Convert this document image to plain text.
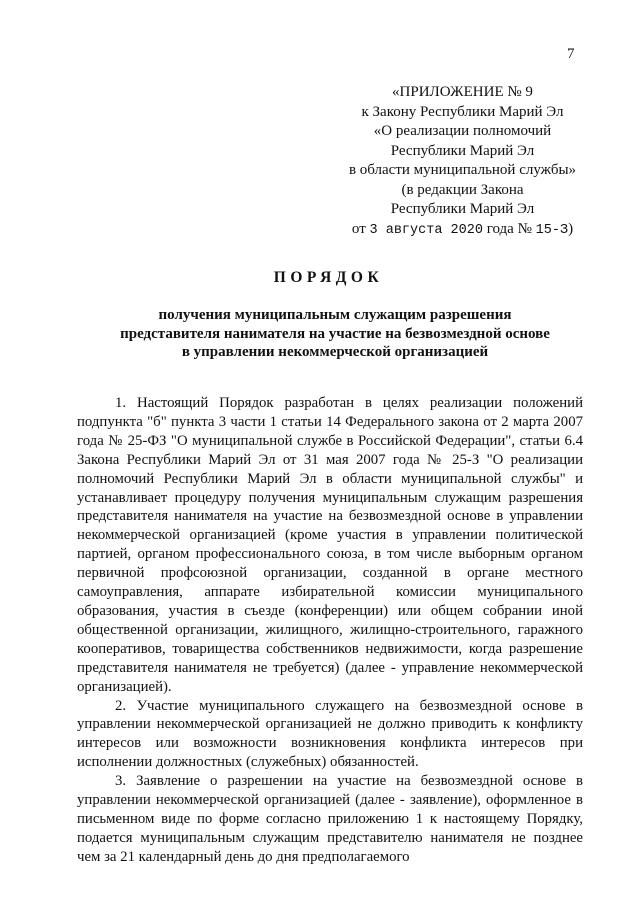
7
«ПРИЛОЖЕНИЕ № 9
к Закону Республики Марий Эл
«О реализации полномочий
Республики Марий Эл
в области муниципальной службы»
(в редакции Закона
Республики Марий Эл
от 3 августа 2020 года № 15-З)
ПОРЯДОК
получения муниципальным служащим разрешения
представителя нанимателя на участие на безвозмездной основе
в управлении некоммерческой организацией

1. Настоящий Порядок разработан в целях реализации положений подпункта "б" пункта 3 части 1 статьи 14 Федерального закона от 2 марта 2007 года № 25-ФЗ "О муниципальной службе в Российской Федерации", статьи 6.4 Закона Республики Марий Эл от 31 мая 2007 года № 25-З "О реализации полномочий Республики Марий Эл в области муниципальной службы" и устанавливает процедуру получения муниципальным служащим разрешения представителя нанимателя на участие на безвозмездной основе в управлении некоммерческой организацией (кроме участия в управлении политической партией, органом профессионального союза, в том числе выборным органом первичной профсоюзной организации, созданной в органе местного самоуправления, аппарате избирательной комиссии муниципального образования, участия в съезде (конференции) или общем собрании иной общественной организации, жилищного, жилищно-строительного, гаражного кооперативов, товарищества собственников недвижимости, когда разрешение представителя нанимателя не требуется) (далее - управление некоммерческой организацией).

2. Участие муниципального служащего на безвозмездной основе в управлении некоммерческой организацией не должно приводить к конфликту интересов или возможности возникновения конфликта интересов при исполнении должностных (служебных) обязанностей.

3. Заявление о разрешении на участие на безвозмездной основе в управлении некоммерческой организацией (далее - заявление), оформленное в письменном виде по форме согласно приложению 1 к настоящему Порядку, подается муниципальным служащим представителю нанимателя не позднее чем за 21 календарный день до дня предполагаемого
